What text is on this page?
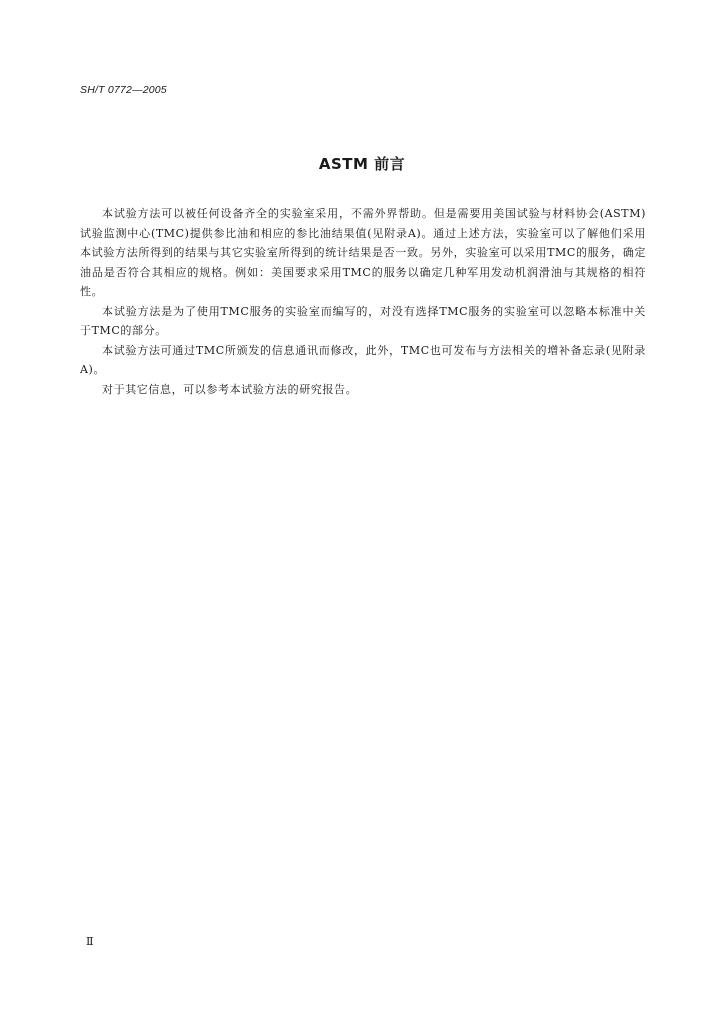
SH/T 0772—2005
ASTM 前言

本试验方法可以被任何设备齐全的实验室采用，不需外界帮助。但是需要用美国试验与材料协会(ASTM)试验监测中心(TMC)提供参比油和相应的参比油结果值(见附录A)。通过上述方法，实验室可以了解他们采用本试验方法所得到的结果与其它实验室所得到的统计结果是否一致。另外，实验室可以采用TMC的服务，确定油品是否符合其相应的规格。例如：美国要求采用TMC的服务以确定几种军用发动机润滑油与其规格的相符性。

本试验方法是为了使用TMC服务的实验室而编写的，对没有选择TMC服务的实验室可以忽略本标准中关于TMC的部分。

本试验方法可通过TMC所颁发的信息通讯而修改，此外，TMC也可发布与方法相关的增补备忘录(见附录A)。

对于其它信息，可以参考本试验方法的研究报告。

Ⅱ
